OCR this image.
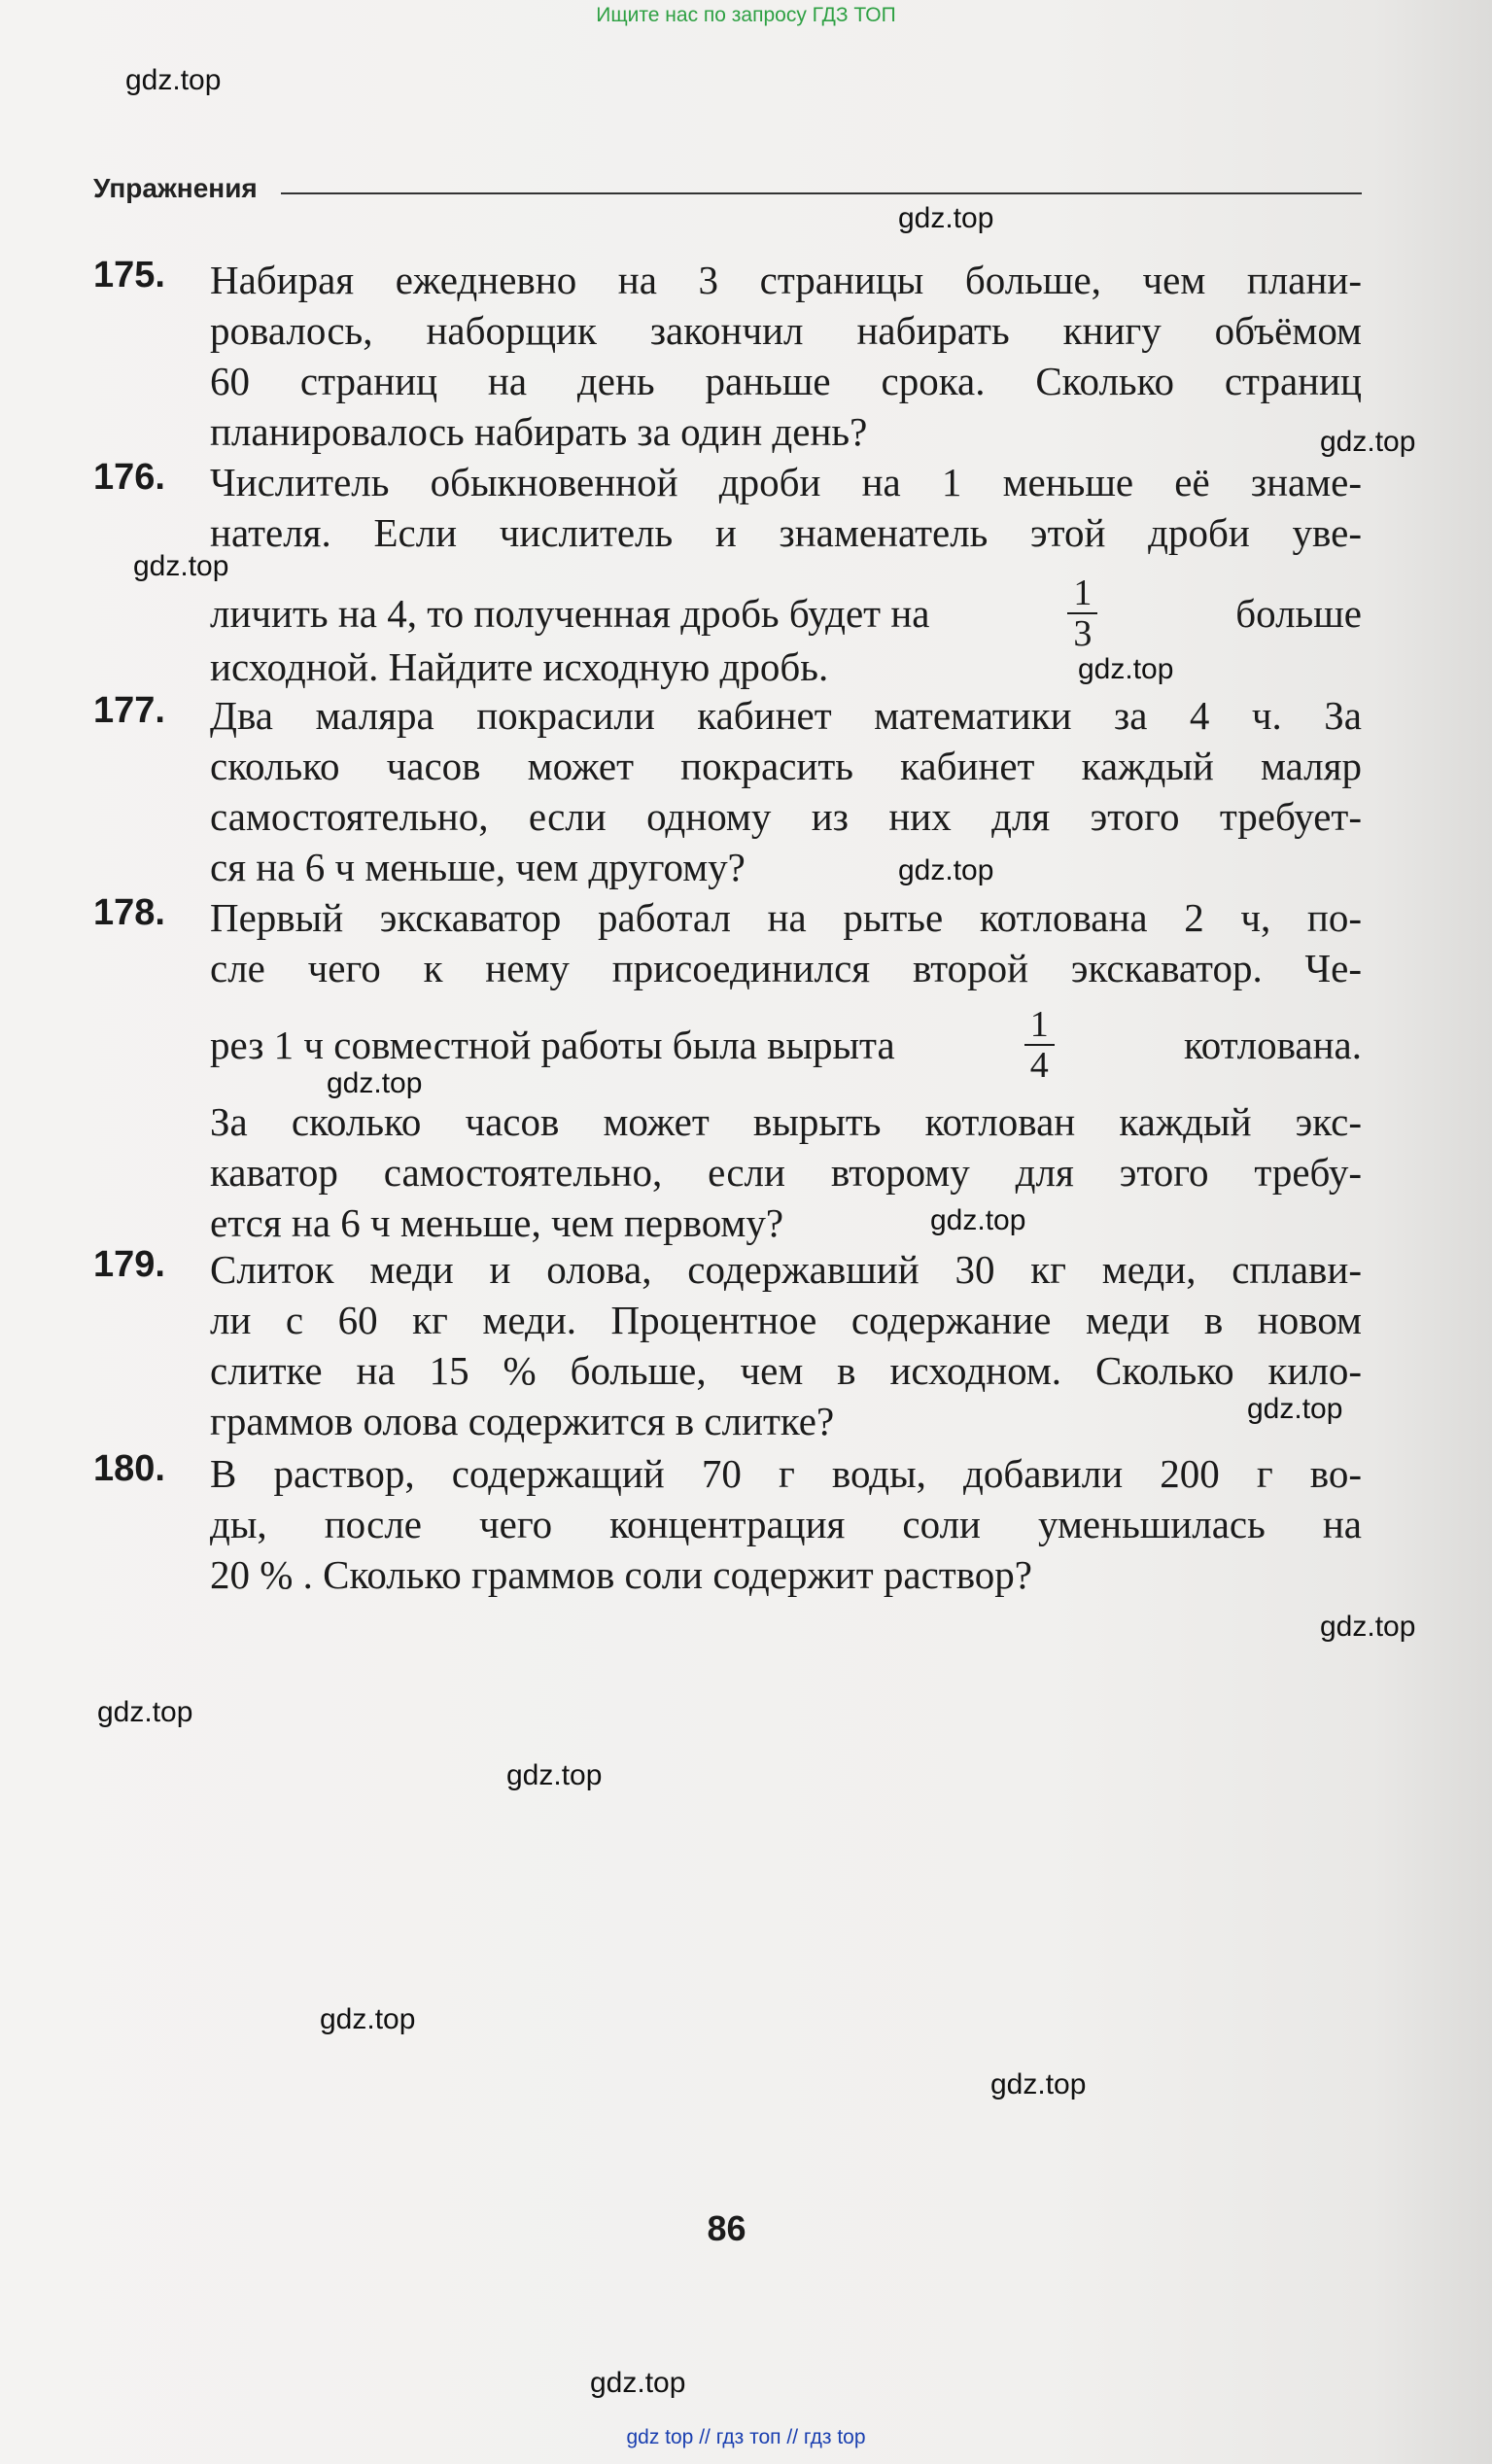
Ищите нас по запросу ГДЗ ТОП
gdz.top
gdz.top
gdz.top
gdz.top
gdz.top
gdz.top
gdz.top
gdz.top
gdz.top
gdz.top
gdz.top
gdz.top
gdz.top
gdz.top
gdz.top
Упражнения
175. Набирая ежедневно на 3 страницы больше, чем плани-
ровалось, наборщик закончил набирать книгу объёмом
60 страниц на день раньше срока. Сколько страниц
планировалось набирать за один день?
176. Числитель обыкновенной дроби на 1 меньше её знаме-
нателя. Если числитель и знаменатель этой дроби уве-
личить на 4, то полученная дробь будет на	$\frac{1}{3}$	больше
исходной. Найдите исходную дробь.
177. Два маляра покрасили кабинет математики за 4 ч. За
сколько часов может покрасить кабинет каждый маляр
самостоятельно, если одному из них для этого требует-
ся на 6 ч меньше, чем другому?
178. Первый экскаватор работал на рытье котлована 2 ч, по-
сле чего к нему присоединился второй экскаватор. Че-
рез 1 ч совместной работы была вырыта	$\frac{1}{4}$	котлована.
За сколько часов может вырыть котлован каждый экс-
каватор самостоятельно, если второму для этого требу-
ется на 6 ч меньше, чем первому?
179. Слиток меди и олова, содержавший 30 кг меди, сплави-
ли с 60 кг меди. Процентное содержание меди в новом
слитке на 15 % больше, чем в исходном. Сколько кило-
граммов олова содержится в слитке?
180. В раствор, содержащий 70 г воды, добавили 200 г во-
ды, после чего концентрация соли уменьшилась на
20 % . Сколько граммов соли содержит раствор?
86
gdz top // гдз топ // гдз top
